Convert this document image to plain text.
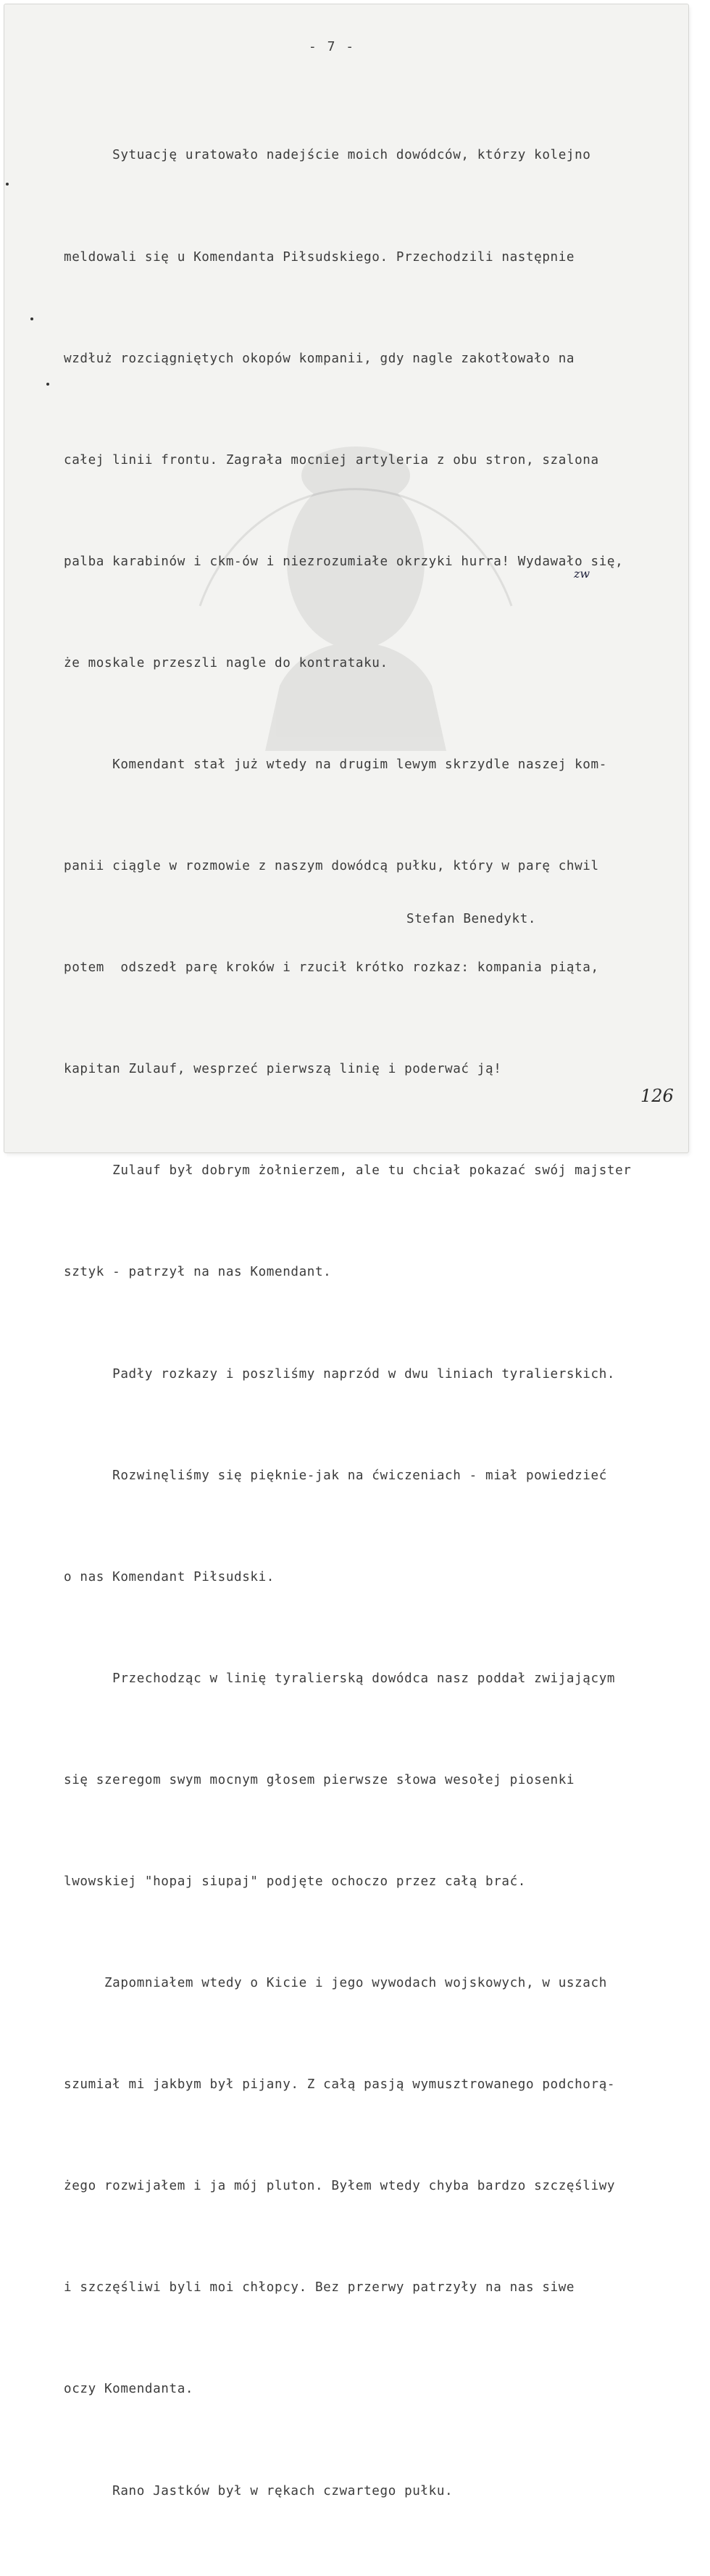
- 7 -

Sytuację uratowało nadejście moich dowódców, którzy kolejno

meldowali się u Komendanta Piłsudskiego. Przechodzili następnie

wzdłuż rozciągniętych okopów kompanii, gdy nagle zakotłowało na

całej linii frontu. Zagrała mocniej artyleria z obu stron, szalona

palba karabinów i ckm-ów i niezrozumiałe okrzyki hurra! Wydawało się,

że moskale przeszli nagle do kontrataku.

Komendant stał już wtedy na drugim lewym skrzydle naszej kom-

panii ciągle w rozmowie z naszym dowódcą pułku, który w parę chwil

potem  odszedł parę kroków i rzucił krótko rozkaz: kompania piąta,

kapitan Zulauf, wesprzeć pierwszą linię i poderwać ją!

Zulauf był dobrym żołnierzem, ale tu chciał pokazać swój majster

sztyk - patrzył na nas Komendant.

Padły rozkazy i poszliśmy naprzód w dwu liniach tyralierskich.

Rozwinęliśmy się pięknie-jak na ćwiczeniach - miał powiedzieć

o nas Komendant Piłsudski.

Przechodząc w linię tyralierską dowódca nasz poddał zwijającym

się szeregom swym mocnym głosem pierwsze słowa wesołej piosenki

lwowskiej "hopaj siupaj" podjęte ochoczo przez całą brać.

Zapomniałem wtedy o Kicie i jego wywodach wojskowych, w uszach

szumiał mi jakbym był pijany. Z całą pasją wymusztrowanego podchorą-

żego rozwijałem i ja mój pluton. Byłem wtedy chyba bardzo szczęśliwy

i szczęśliwi byli moi chłopcy. Bez przerwy patrzyły na nas siwe

oczy Komendanta.

Rano Jastków był w rękach czwartego pułku.

zw
Stefan Benedykt.
126
